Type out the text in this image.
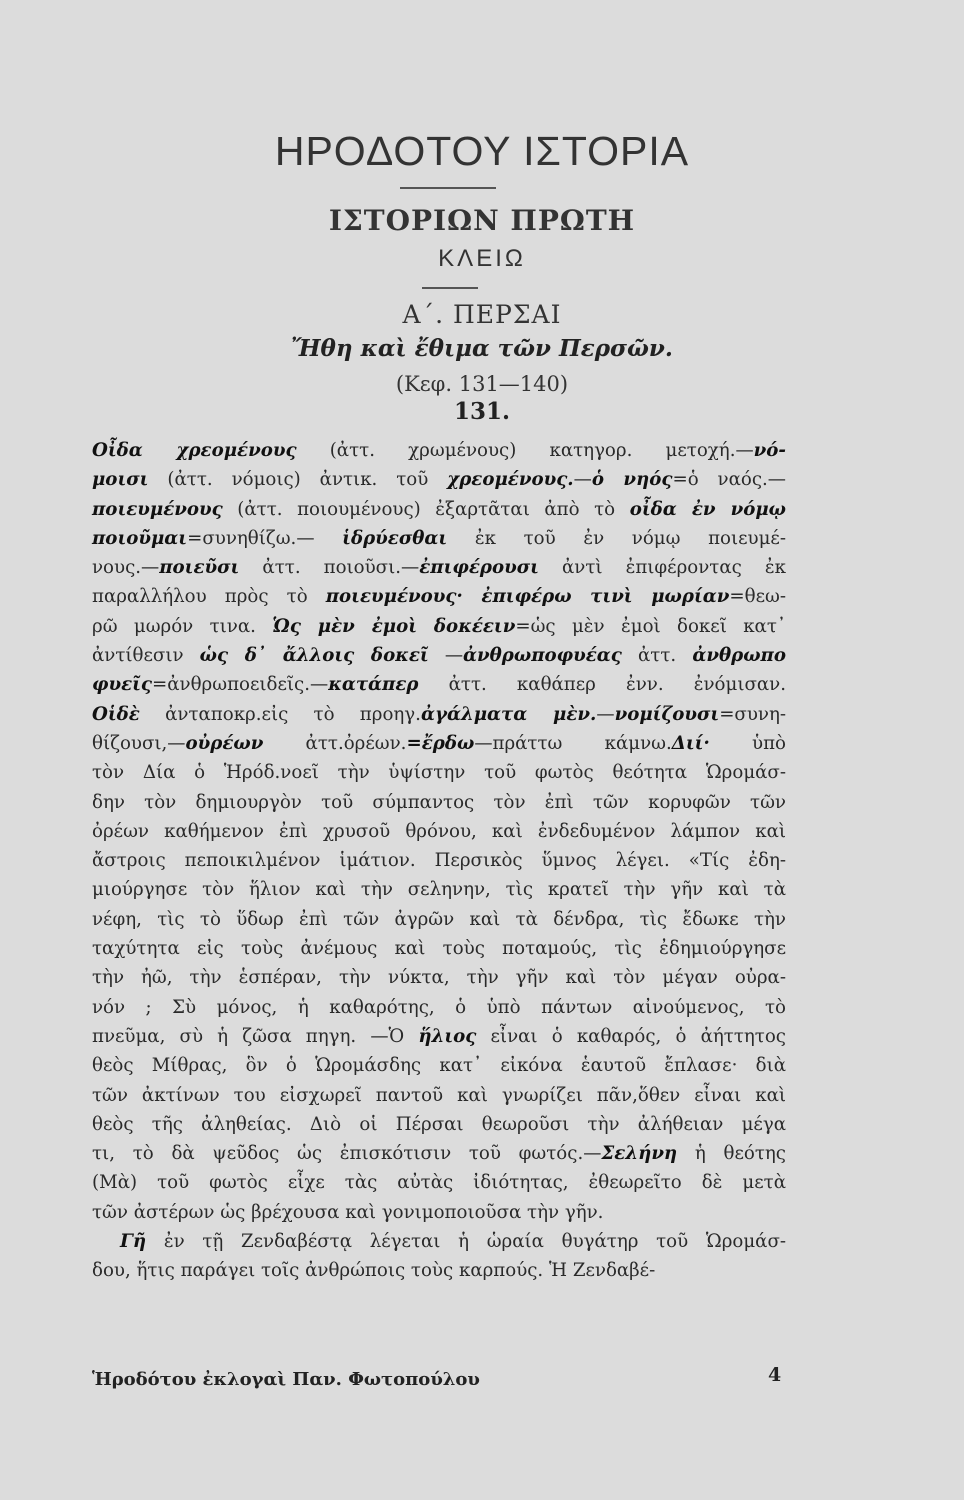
ΗΡΟΔΟΤΟΥ ΙΣΤΟΡΙΑ
ΙΣΤΟΡΙΩΝ ΠΡΩΤΗ
ΚΛΕΙΩ
Α΄. ΠΕΡΣΑΙ
Ἤθη καὶ ἔθιμα τῶν Περσῶν.
(Κεφ. 131—140)
131.
Οἶδα χρεομένους (ἀττ. χρωμένους) κατηγορ. μετοχή.—νό-
μοισι (ἀττ. νόμοις) ἀντικ. τοῦ χρεομένους.—ὁ νηός=ὁ ναός.—
ποιευμένους (ἀττ. ποιουμένους) ἐξαρτᾶται ἀπὸ τὸ οἶδα ἐν νόμῳ
ποιοῦμαι=συνηθίζω.— ἱδρύεσθαι ἐκ τοῦ ἐν νόμῳ ποιευμέ-
νους.—ποιεῦσι ἀττ. ποιοῦσι.—ἐπιφέρουσι ἀντὶ ἐπιφέροντας ἐκ
παραλλήλου πρὸς τὸ ποιευμένους· ἐπιφέρω τινὶ μωρίαν=θεω-
ρῶ μωρόν τινα. Ὡς μὲν ἐμοὶ δοκέειν=ὡς μὲν ἐμοὶ δοκεῖ κατ᾽
ἀντίθεσιν ὡς δ᾽ ἄλλοις δοκεῖ —ἀνθρωποφυέας ἀττ. ἀνθρωπο
φυεῖς=ἀνθρωποειδεῖς.—κατάπερ ἀττ. καθάπερ ἐνν. ἐνόμισαν.
Οἱδὲ ἀνταποκρ.εἰς τὸ προηγ.ἀγάλματα μὲν.—νομίζουσι=συνη-
θίζουσι,—οὐρέων ἀττ.ὀρέων.=ἔρδω—πράττω κάμνω.Διί· ὑπὸ
τὸν Δία ὁ Ἡρόδ.νοεῖ τὴν ὑψίστην τοῦ φωτὸς θεότητα Ὡρομάσ-
δην τὸν δημιουργὸν τοῦ σύμπαντος τὸν ἐπὶ τῶν κορυφῶν τῶν
ὀρέων καθήμενον ἐπὶ χρυσοῦ θρόνου, καὶ ἐνδεδυμένον λάμπον καὶ
ἄστροις πεποικιλμένον ἱμάτιον. Περσικὸς ὕμνος λέγει. «Τίς ἐδη-
μιούργησε τὸν ἥλιον καὶ τὴν σεληνην, τὶς κρατεῖ τὴν γῆν καὶ τὰ
νέφη, τὶς τὸ ὕδωρ ἐπὶ τῶν ἀγρῶν καὶ τὰ δένδρα, τὶς ἔδωκε τὴν
ταχύτητα εἰς τοὺς ἀνέμους καὶ τοὺς ποταμούς, τὶς ἐδημιούργησε
τὴν ἠῶ, τὴν ἑσπέραν, τὴν νύκτα, τὴν γῆν καὶ τὸν μέγαν οὐρα-
νόν ; Σὺ μόνος, ἡ καθαρότης, ὁ ὑπὸ πάντων αἰνούμενος, τὸ
πνεῦμα, σὺ ἡ ζῶσα πηγη. —Ὁ ἥλιος εἶναι ὁ καθαρός, ὁ ἀήττητος
θεὸς Μίθρας, ὃν ὁ Ὡρομάσδης κατ᾽ εἰκόνα ἑαυτοῦ ἔπλασε· διὰ
τῶν ἀκτίνων του εἰσχωρεῖ παντοῦ καὶ γνωρίζει πᾶν,ὅθεν εἶναι καὶ
θεὸς τῆς ἀληθείας. Διὸ οἱ Πέρσαι θεωροῦσι τὴν ἀλήθειαν μέγα
τι, τὸ δὰ ψεῦδος ὡς ἐπισκότισιν τοῦ φωτός.—Σελήνη ἡ θεότης
(Μὰ) τοῦ φωτὸς εἶχε τὰς αὐτὰς ἰδιότητας, ἐθεωρεῖτο δὲ μετὰ
τῶν ἀστέρων ὡς βρέχουσα καὶ γονιμοποιοῦσα τὴν γῆν.
Γῆ ἐν τῇ Ζενδαβέστᾳ λέγεται ἡ ὡραία θυγάτηρ τοῦ Ὡρομάσ-
δου, ἥτις παράγει τοῖς ἀνθρώποις τοὺς καρπούς. Ἡ Ζενδαβέ-
Ἡροδότου ἐκλογαὶ Παν. Φωτοπούλου	4
